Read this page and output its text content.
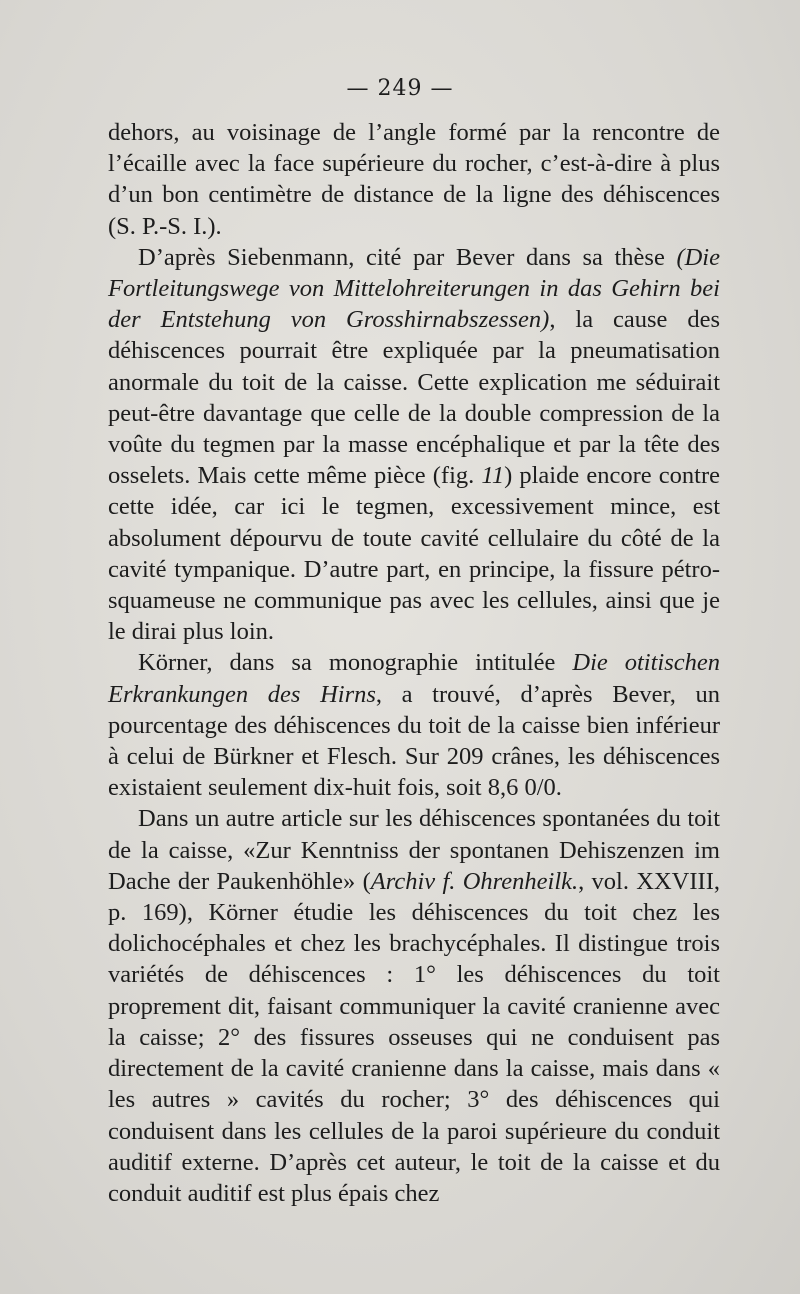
— 249 —

dehors, au voisinage de l’angle formé par la rencontre de l’écaille avec la face supérieure du rocher, c’est-à-dire à plus d’un bon centimètre de distance de la ligne des déhiscences (S. P.-S. I.).

D’après Siebenmann, cité par Bever dans sa thèse (Die Fortleitungswege von Mittelohreiterungen in das Gehirn bei der Entstehung von Grosshirnabszessen), la cause des déhiscences pourrait être expliquée par la pneumatisation anormale du toit de la caisse. Cette explication me séduirait peut-être davantage que celle de la double compression de la voûte du tegmen par la masse encéphalique et par la tête des osselets. Mais cette même pièce (fig. 11) plaide encore contre cette idée, car ici le tegmen, excessivement mince, est absolument dépourvu de toute cavité cellulaire du côté de la cavité tympanique. D’autre part, en principe, la fissure pétro-squameuse ne communique pas avec les cellules, ainsi que je le dirai plus loin.

Körner, dans sa monographie intitulée Die otitischen Erkrankungen des Hirns, a trouvé, d’après Bever, un pourcentage des déhiscences du toit de la caisse bien inférieur à celui de Bürkner et Flesch. Sur 209 crânes, les déhiscences existaient seulement dix-huit fois, soit 8,6 0/0.

Dans un autre article sur les déhiscences spontanées du toit de la caisse, «Zur Kenntniss der spontanen Dehiszenzen im Dache der Paukenhöhle» (Archiv f. Ohrenheilk., vol. XXVIII, p. 169), Körner étudie les déhiscences du toit chez les dolichocéphales et chez les brachycéphales. Il distingue trois variétés de déhiscences : 1° les déhiscences du toit proprement dit, faisant communiquer la cavité cranienne avec la caisse; 2° des fissures osseuses qui ne conduisent pas directement de la cavité cranienne dans la caisse, mais dans « les autres » cavités du rocher; 3° des déhiscences qui conduisent dans les cellules de la paroi supérieure du conduit auditif externe. D’après cet auteur, le toit de la caisse et du conduit auditif est plus épais chez
